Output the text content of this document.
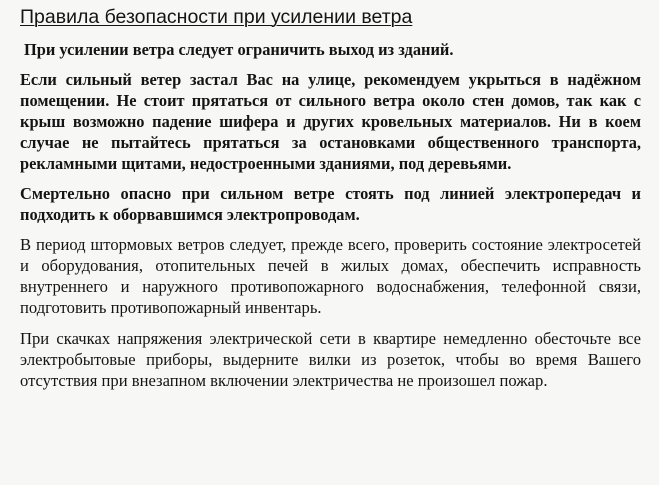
Правила безопасности при усилении ветра

При усилении ветра следует ограничить выход из зданий.

Если сильный ветер застал Вас на улице, рекомендуем укрыться в надёжном помещении. Не стоит прятаться от сильного ветра около стен домов, так как с крыш возможно падение шифера и других кровельных материалов. Ни в коем случае не пытайтесь прятаться за остановками общественного транспорта, рекламными щитами, недостроенными зданиями, под деревьями.

Смертельно опасно при сильном ветре стоять под линией электропередач и подходить к оборвавшимся электропроводам.

В период штормовых ветров следует, прежде всего, проверить состояние электросетей и оборудования, отопительных печей в жилых домах, обеспечить исправность внутреннего и наружного противопожарного водоснабжения, телефонной связи, подготовить противопожарный инвентарь.

При скачках напряжения электрической сети в квартире немедленно обесточьте все электробытовые приборы, выдерните вилки из розеток, чтобы во время Вашего отсутствия при внезапном включении электричества не произошел пожар.
